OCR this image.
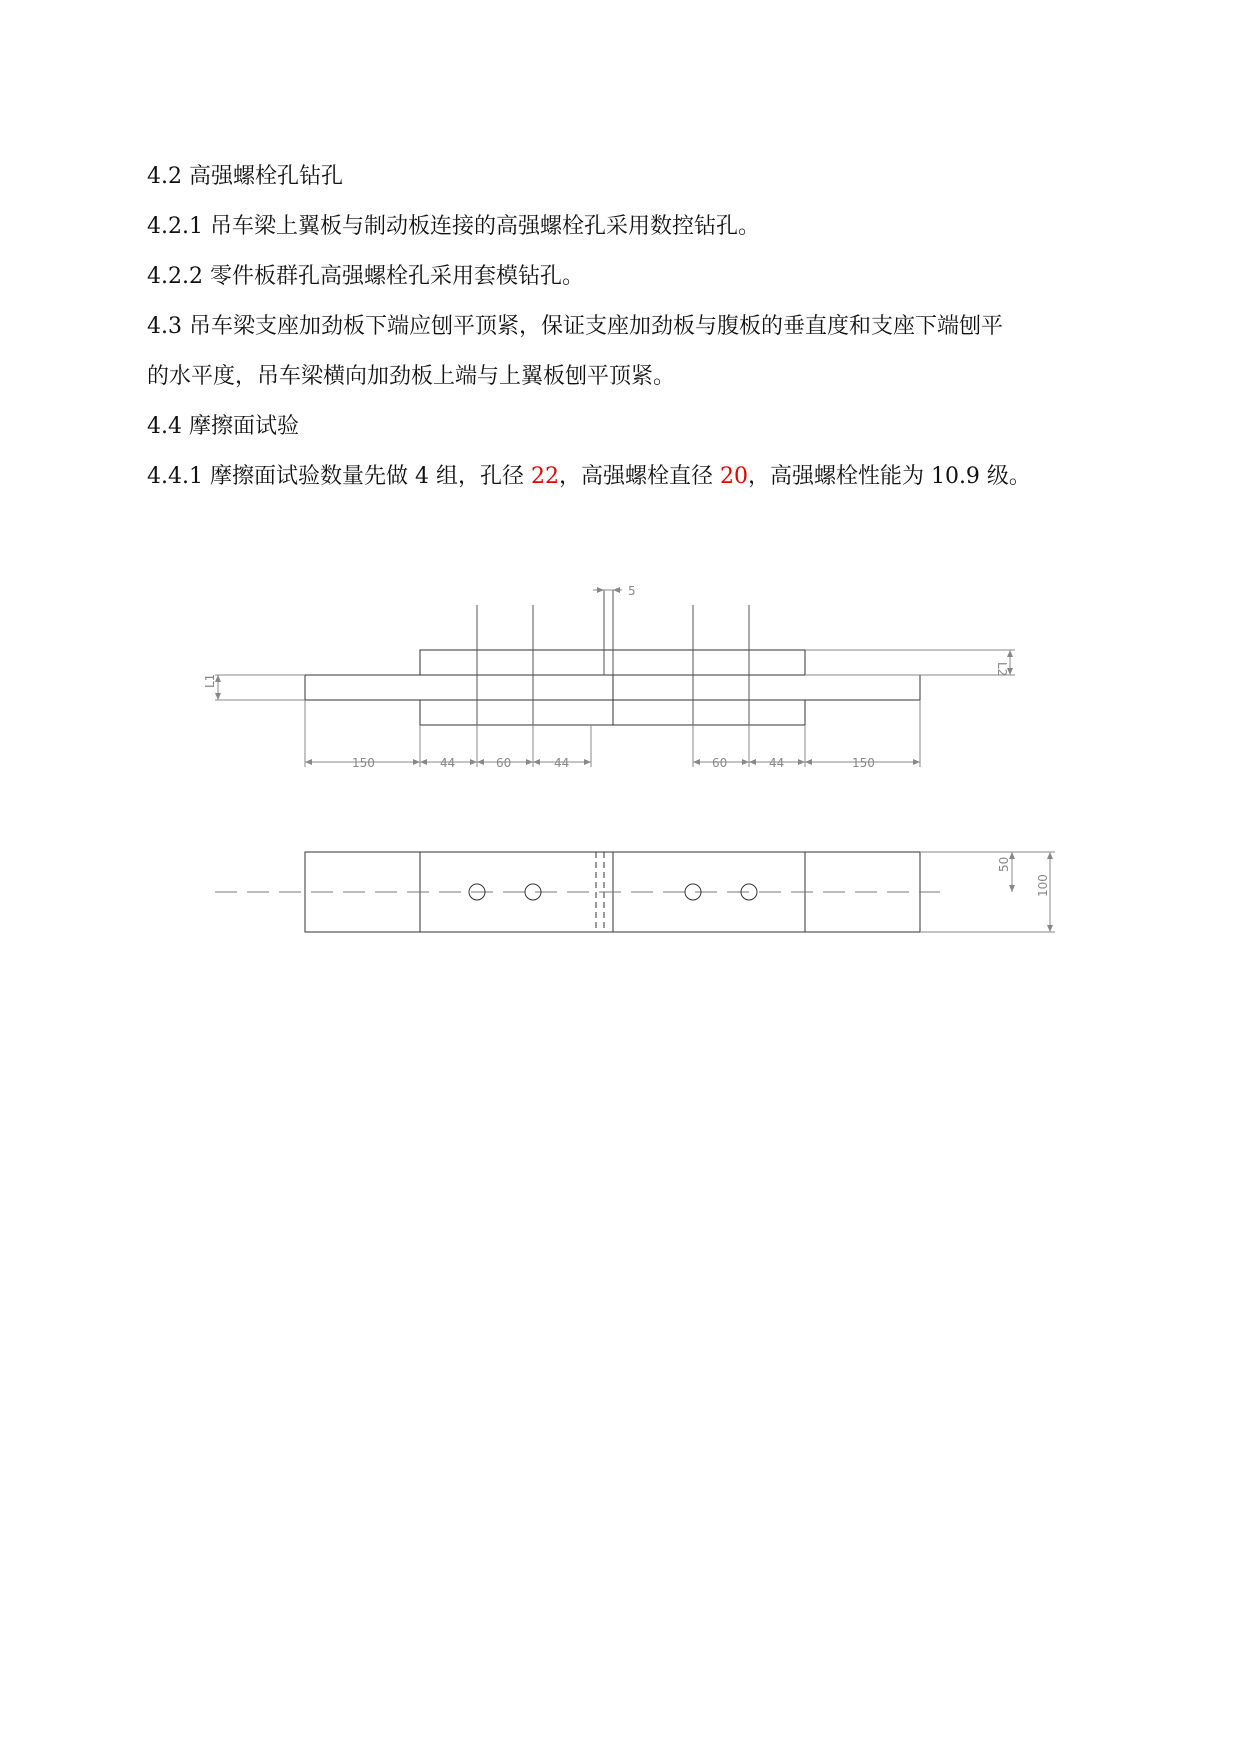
4.2 高强螺栓孔钻孔

4.2.1 吊车梁上翼板与制动板连接的高强螺栓孔采用数控钻孔。

4.2.2 零件板群孔高强螺栓孔采用套模钻孔。

4.3 吊车梁支座加劲板下端应刨平顶紧，保证支座加劲板与腹板的垂直度和支座下端刨平

的水平度，吊车梁横向加劲板上端与上翼板刨平顶紧。

4.4 摩擦面试验

4.4.1 摩擦面试验数量先做 4 组，孔径 22，高强螺栓直径 20，高强螺栓性能为 10.9 级。

5
L1
L2
150	44	60	44	60	44	150
50
100
